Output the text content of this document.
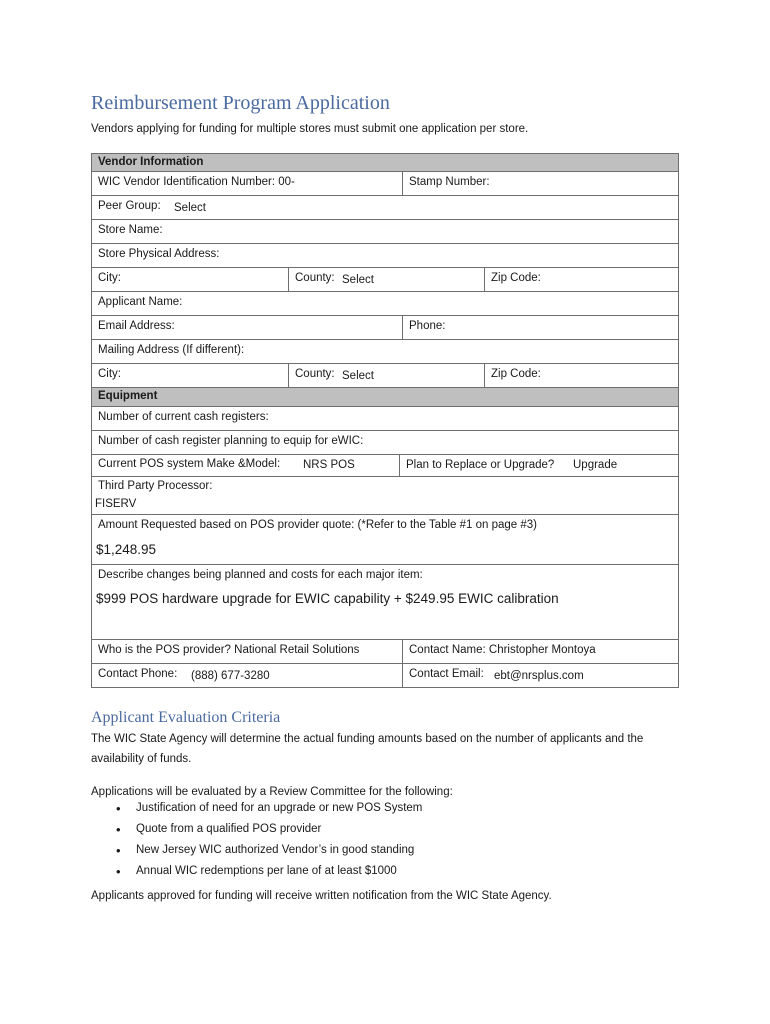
Reimbursement Program Application
Vendors applying for funding for multiple stores must submit one application per store.
Vendor Information
WIC Vendor Identification Number: 00-	Stamp Number:
Peer Group: Select
Store Name:
Store Physical Address:
City:	County: Select	Zip Code:
Applicant Name:
Email Address:	Phone:
Mailing Address (If different):
City:	County: Select	Zip Code:
Equipment
Number of current cash registers:
Number of cash register planning to equip for eWIC:
Current POS system Make &Model: NRS POS	Plan to Replace or Upgrade? Upgrade
Third Party Processor:
FISERV
Amount Requested based on POS provider quote: (*Refer to the Table #1 on page #3)
$1,248.95
Describe changes being planned and costs for each major item:
$999 POS hardware upgrade for EWIC capability + $249.95 EWIC calibration
Who is the POS provider? National Retail Solutions	Contact Name: Christopher Montoya
Contact Phone: (888) 677-3280	Contact Email: ebt@nrsplus.com
Applicant Evaluation Criteria
The WIC State Agency will determine the actual funding amounts based on the number of applicants and the availability of funds.
Applications will be evaluated by a Review Committee for the following:
• Justification of need for an upgrade or new POS System
• Quote from a qualified POS provider
• New Jersey WIC authorized Vendor’s in good standing
• Annual WIC redemptions per lane of at least $1000
Applicants approved for funding will receive written notification from the WIC State Agency.
